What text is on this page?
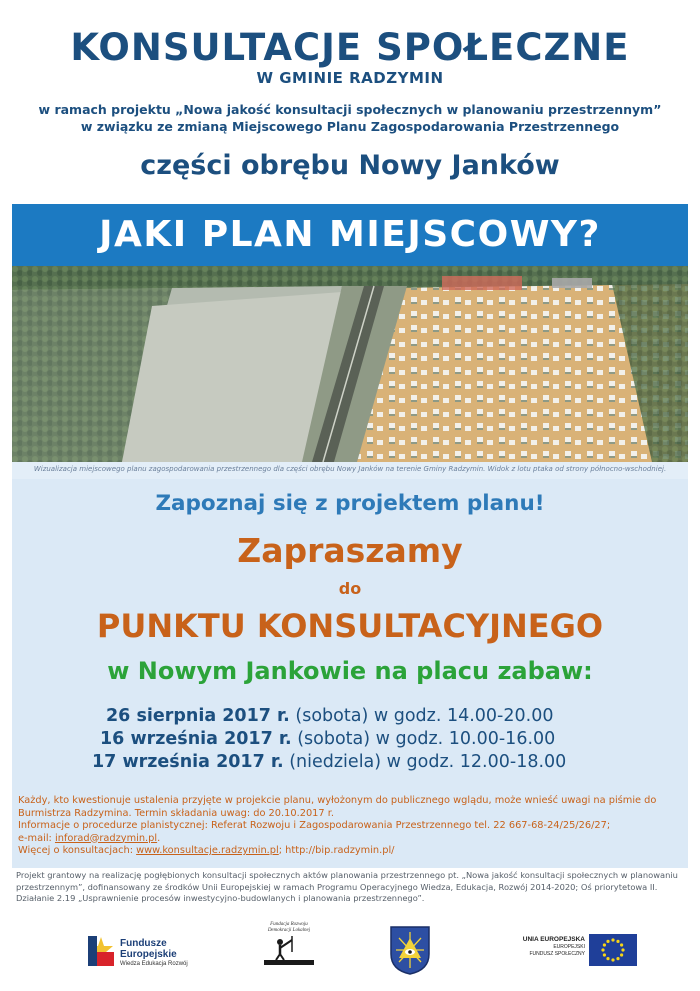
KONSULTACJE SPOŁECZNE
W GMINIE RADZYMIN
w ramach projektu „Nowa jakość konsultacji społecznych w planowaniu przestrzennym”
w związku ze zmianą Miejscowego Planu Zagospodarowania Przestrzennego
części obrębu Nowy Janków
JAKI PLAN MIEJSCOWY?
Wizualizacja miejscowego planu zagospodarowania przestrzennego dla części obrębu Nowy Janków na terenie Gminy Radzymin. Widok z lotu ptaka od strony północno-wschodniej.
Zapoznaj się z projektem planu!
Zapraszamy
do
PUNKTU KONSULTACYJNEGO
w Nowym Jankowie na placu zabaw:
26 sierpnia 2017 r. (sobota) w godz. 14.00-20.00
16 września 2017 r. (sobota) w godz. 10.00-16.00
17 września 2017 r. (niedziela) w godz. 12.00-18.00
Każdy, kto kwestionuje ustalenia przyjęte w projekcie planu, wyłożonym do publicznego wglądu, może wnieść uwagi na piśmie do Burmistrza Radzymina. Termin składania uwag: do 20.10.2017 r.
Informacje o procedurze planistycznej: Referat Rozwoju i Zagospodarowania Przestrzennego tel. 22 667-68-24/25/26/27;
e-mail: inforad@radzymin.pl.
Więcej o konsultacjach: www.konsultacje.radzymin.pl; http://bip.radzymin.pl/
Projekt grantowy na realizację pogłębionych konsultacji społecznych aktów planowania przestrzennego pt. „Nowa jakość konsultacji społecznych w planowaniu przestrzennym”, dofinansowany ze środków Unii Europejskiej w ramach Programu Operacyjnego Wiedza, Edukacja, Rozwój 2014-2020; Oś priorytetowa II. Działanie 2.19 „Usprawnienie procesów inwestycyjno-budowlanych i planowania przestrzennego”.
Fundusze
Europejskie
Wiedza Edukacja Rozwój
Fundacja Rozwoju Demokracji Lokalnej
UNIA EUROPEJSKA
EUROPEJSKI
FUNDUSZ SPOŁECZNY
